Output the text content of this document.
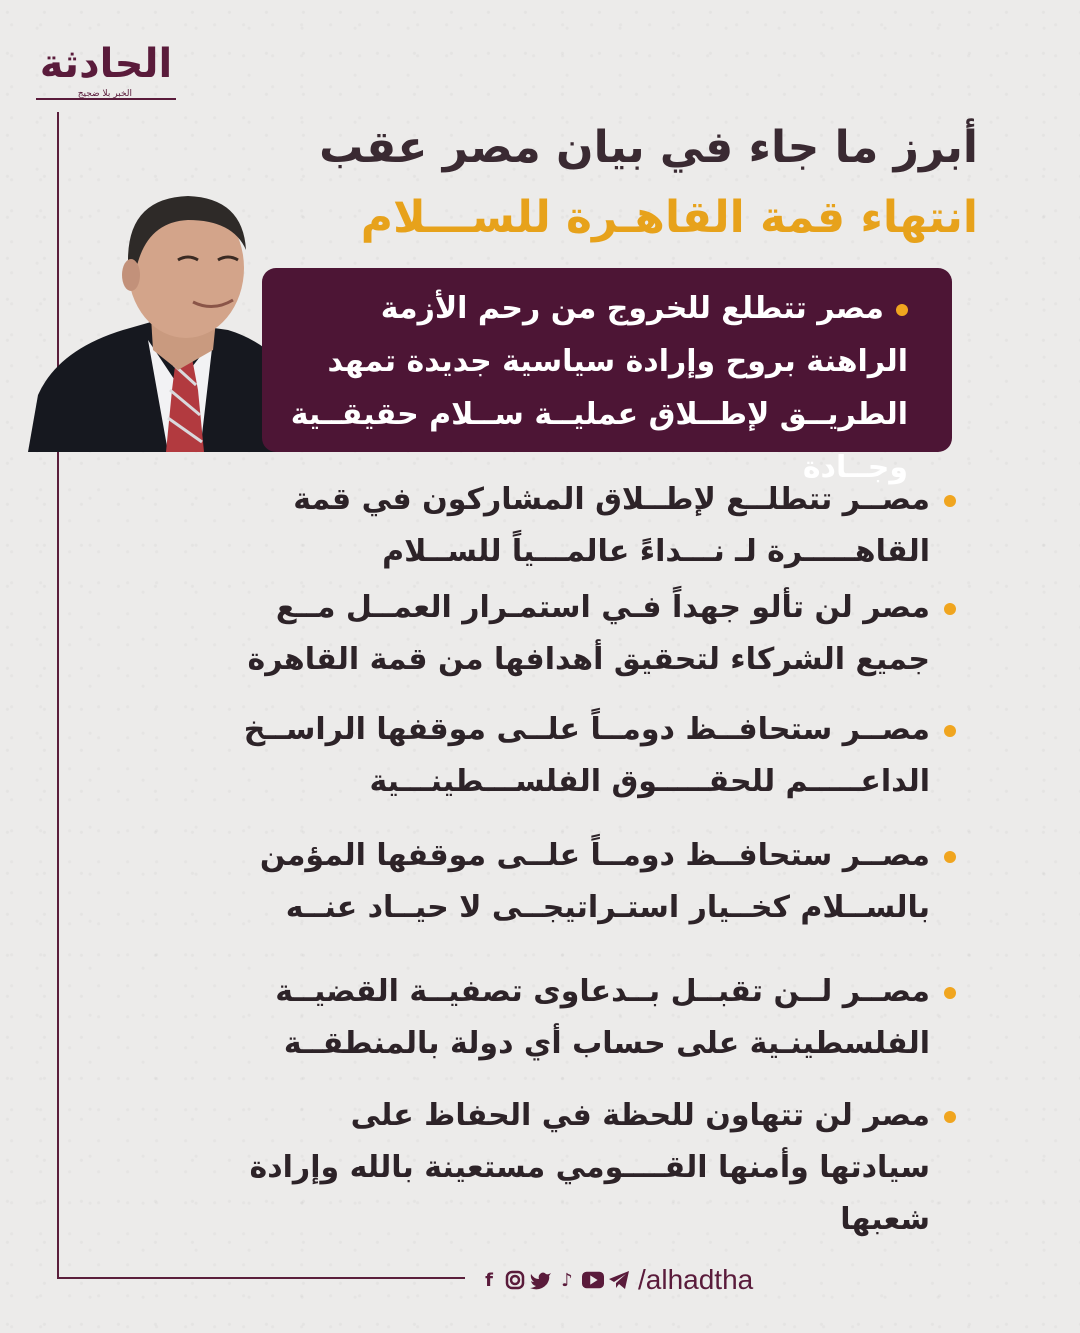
الحادثة
الخبر بلا ضجيج
أبرز ما جاء في بيان مصر عقب
انتهاء قمة القاهـرة للســـلام
مصر تتطلع للخروج من رحم الأزمة الراهنة بروح وإرادة سياسية جديدة تمهد الطريــق لإطــلاق عمليــة ســلام حقيقــية وجــادة
مصــر تتطلــع لإطــلاق المشاركون في قمة القاهـــــرة لـ نـــداءً عالمـــياً للســلام
مصر لن تألو جهداً فـي استمـرار العمــل مــع جميع الشركاء لتحقيق أهدافها من قمة القاهرة
مصــر ستحافــظ دومــاً علــى موقفها الراســخ الداعـــــم للحقـــــوق الفلســـطينـــية
مصــر ستحافــظ دومــاً علــى موقفها المؤمن بالســلام كخــيار استـراتيجــى لا حيــاد عنــه
مصــر لــن تقبــل بــدعاوى تصفيــة القضيــة الفلسطينـية على حساب أي دولة بالمنطقــة
مصر لن تتهاون للحظة في الحفاظ على سيادتها وأمنها القــــومي مستعينة بالله وإرادة شعبها
f	♪ /alhadtha
